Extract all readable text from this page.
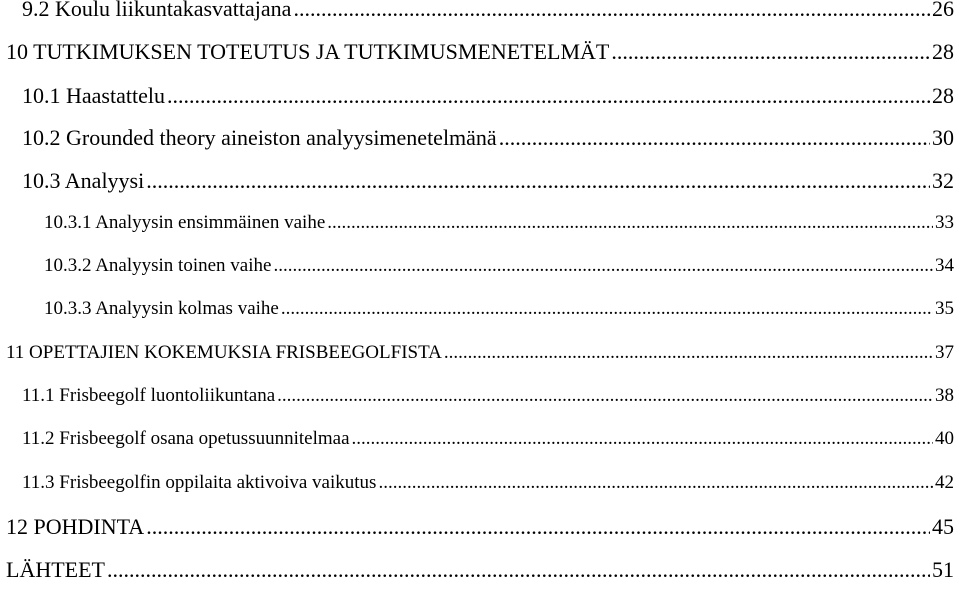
9.2 Koulu liikuntakasvattajana .....	26
10 TUTKIMUKSEN TOTEUTUS JA TUTKIMUSMENETELMÄT .....	28
10.1 Haastattelu .....	28
10.2 Grounded theory aineiston analyysimenetelmänä .....	30
10.3 Analyysi .....	32
10.3.1 Analyysin ensimmäinen vaihe .....	33
10.3.2 Analyysin toinen vaihe .....	34
10.3.3 Analyysin kolmas vaihe .....	35
11 OPETTAJIEN KOKEMUKSIA FRISBEEGOLFISTA .....	37
11.1 Frisbeegolf luontoliikuntana .....	38
11.2 Frisbeegolf osana opetussuunnitelmaa .....	40
11.3 Frisbeegolfin oppilaita aktivoiva vaikutus .....	42
12 POHDINTA .....	45
LÄHTEET .....	51
